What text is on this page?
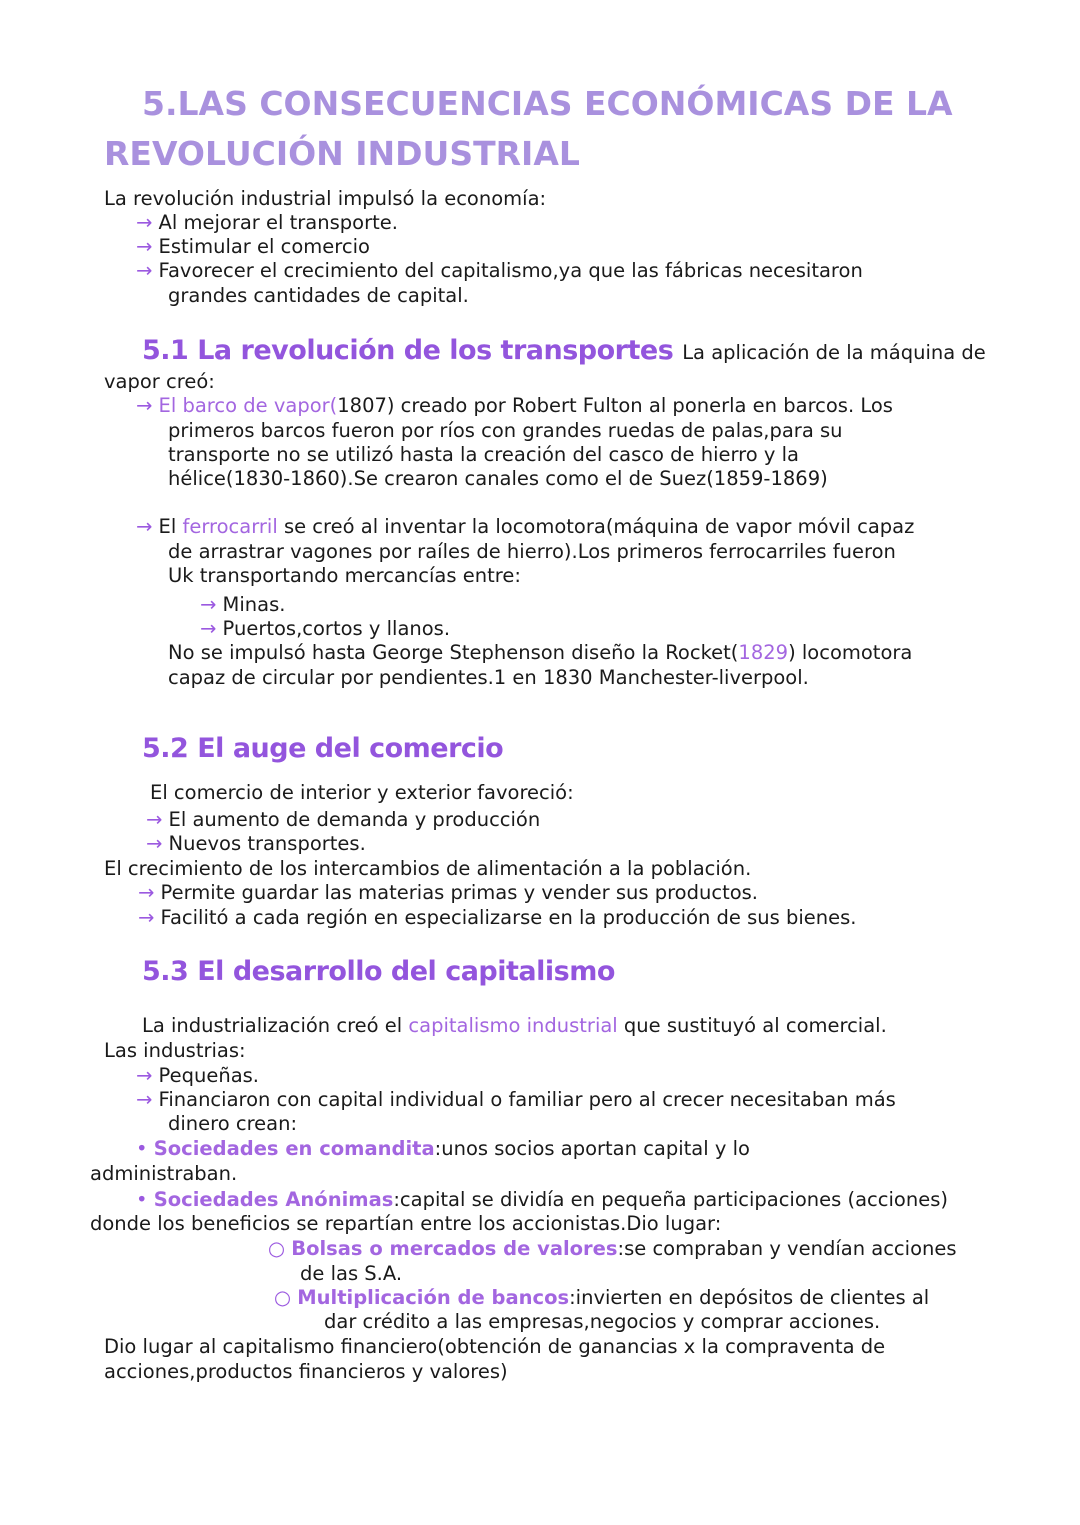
5.LAS CONSECUENCIAS ECONÓMICAS DE LA
REVOLUCIÓN INDUSTRIAL
La revolución industrial impulsó la economía:
→ Al mejorar el transporte.
→ Estimular el comercio
→ Favorecer el crecimiento del capitalismo,ya que las fábricas necesitaron
grandes cantidades de capital.
5.1 La revolución de los transportes La aplicación de la máquina de
vapor creó:
→ El barco de vapor(1807) creado por Robert Fulton al ponerla en barcos. Los
primeros barcos fueron por ríos con grandes ruedas de palas,para su
transporte no se utilizó hasta la creación del casco de hierro y la
hélice(1830-1860).Se crearon canales como el de Suez(1859-1869)
→ El ferrocarril se creó al inventar la locomotora(máquina de vapor móvil capaz
de arrastrar vagones por raíles de hierro).Los primeros ferrocarriles fueron
Uk transportando mercancías entre:
→ Minas.
→ Puertos,cortos y llanos.
No se impulsó hasta George Stephenson diseño la Rocket(1829) locomotora
capaz de circular por pendientes.1 en 1830 Manchester-liverpool.
5.2 El auge del comercio
El comercio de interior y exterior favoreció:
→ El aumento de demanda y producción
→ Nuevos transportes.
El crecimiento de los intercambios de alimentación a la población.
→ Permite guardar las materias primas y vender sus productos.
→ Facilitó a cada región en especializarse en la producción de sus bienes.
5.3 El desarrollo del capitalismo
La industrialización creó el capitalismo industrial que sustituyó al comercial.
Las industrias:
→ Pequeñas.
→ Financiaron con capital individual o familiar pero al crecer necesitaban más
dinero crean:
• Sociedades en comandita:unos socios aportan capital y lo
administraban.
• Sociedades Anónimas:capital se dividía en pequeña participaciones (acciones)
donde los beneficios se repartían entre los accionistas.Dio lugar:
○ Bolsas o mercados de valores:se compraban y vendían acciones
de las S.A.
○ Multiplicación de bancos:invierten en depósitos de clientes al
dar crédito a las empresas,negocios y comprar acciones.
Dio lugar al capitalismo financiero(obtención de ganancias x la compraventa de
acciones,productos financieros y valores)
